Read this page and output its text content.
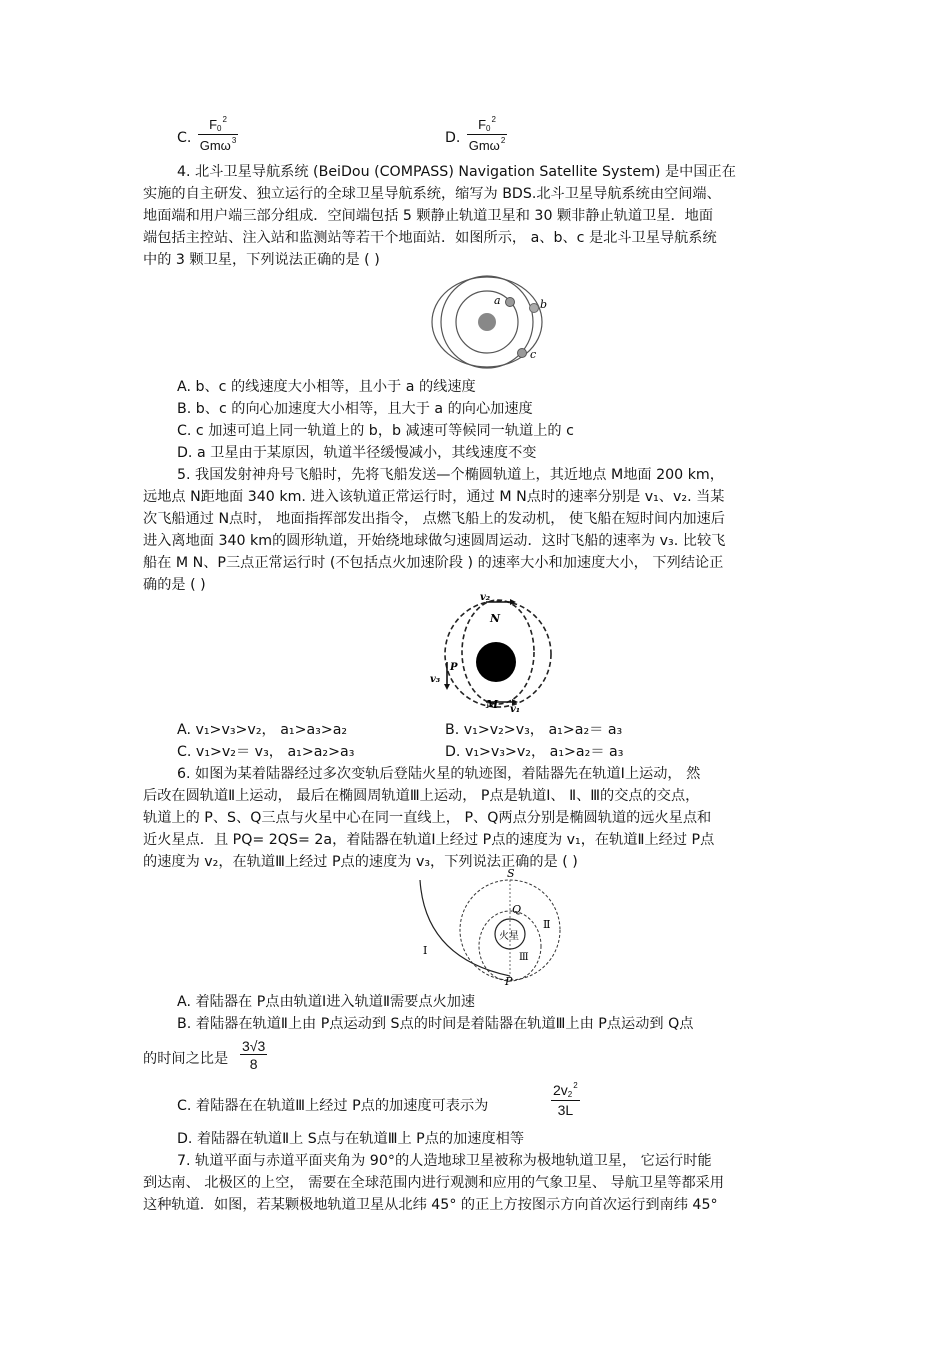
C.
$F_0^2$
Gmω$^3$	D.
$F_0^2$
Gmω$^2$
4. 北斗卫星导航系统 (BeiDou (COMPASS) Navigation Satellite System) 是中国正在
实施的自主研发、独立运行的全球卫星导航系统，缩写为 BDS.北斗卫星导航系统由空间端、
地面端和用户端三部分组成．空间端包括 5 颗静止轨道卫星和 30 颗非静止轨道卫星．地面
端包括主控站、注入站和监测站等若干个地面站．如图所示， a、b、c 是北斗卫星导航系统
中的 3 颗卫星，下列说法正确的是 ( )
a	b
c
A. b、c 的线速度大小相等，且小于 a 的线速度
B. b、c 的向心加速度大小相等，且大于 a 的向心加速度
C. c 加速可追上同一轨道上的 b，b 减速可等候同一轨道上的 c
D. a 卫星由于某原因，轨道半径缓慢减小，其线速度不变
5. 我国发射神舟号飞船时，先将飞船发送—个椭圆轨道上，其近地点 M地面 200 km，
远地点 N距地面 340 km. 进入该轨道正常运行时，通过 M N点时的速率分别是 v₁、v₂. 当某
次飞船通过 N点时， 地面指挥部发出指令， 点燃飞船上的发动机， 使飞船在短时间内加速后
进入离地面 340 km的圆形轨道，开始绕地球做匀速圆周运动．这时飞船的速率为 v₃. 比较飞
船在 M N、P三点正常运行时 (不包括点火加速阶段 ) 的速率大小和加速度大小， 下列结论正
确的是 ( )
v₂
N
P
v₃
M v₁
A. v₁>v₃>v₂， a₁>a₃>a₂	B. v₁>v₂>v₃， a₁>a₂＝ a₃
C. v₁>v₂＝ v₃， a₁>a₂>a₃	D. v₁>v₃>v₂， a₁>a₂＝ a₃
6. 如图为某着陆器经过多次变轨后登陆火星的轨迹图，着陆器先在轨道Ⅰ上运动， 然
后改在圆轨道Ⅱ上运动， 最后在椭圆周轨道Ⅲ上运动， P点是轨道Ⅰ、 Ⅱ、Ⅲ的交点的交点，
轨道上的 P、S、Q三点与火星中心在同一直线上， P、Q两点分别是椭圆轨道的远火星点和
近火星点．且 PQ= 2QS= 2a，着陆器在轨道Ⅰ上经过 P点的速度为 v₁，在轨道Ⅱ上经过 P点
的速度为 v₂，在轨道Ⅲ上经过 P点的速度为 v₃，下列说法正确的是 ( )
S
Q
Ⅱ
火星
Ⅰ
Ⅲ
P
A. 着陆器在 P点由轨道Ⅰ进入轨道Ⅱ需要点火加速
B. 着陆器在轨道Ⅱ上由 P点运动到 S点的时间是着陆器在轨道Ⅲ上由 P点运动到 Q点
的时间之比是 $\frac{3√3}{8}$
C. 着陆器在在轨道Ⅲ上经过 P点的加速度可表示为	$\frac{2v_2^2}{3L}$
D. 着陆器在轨道Ⅱ上 S点与在轨道Ⅲ上 P点的加速度相等
7. 轨道平面与赤道平面夹角为 90°的人造地球卫星被称为极地轨道卫星， 它运行时能
到达南、 北极区的上空， 需要在全球范围内进行观测和应用的气象卫星、 导航卫星等都采用
这种轨道．如图，若某颗极地轨道卫星从北纬 45° 的正上方按图示方向首次运行到南纬 45°
